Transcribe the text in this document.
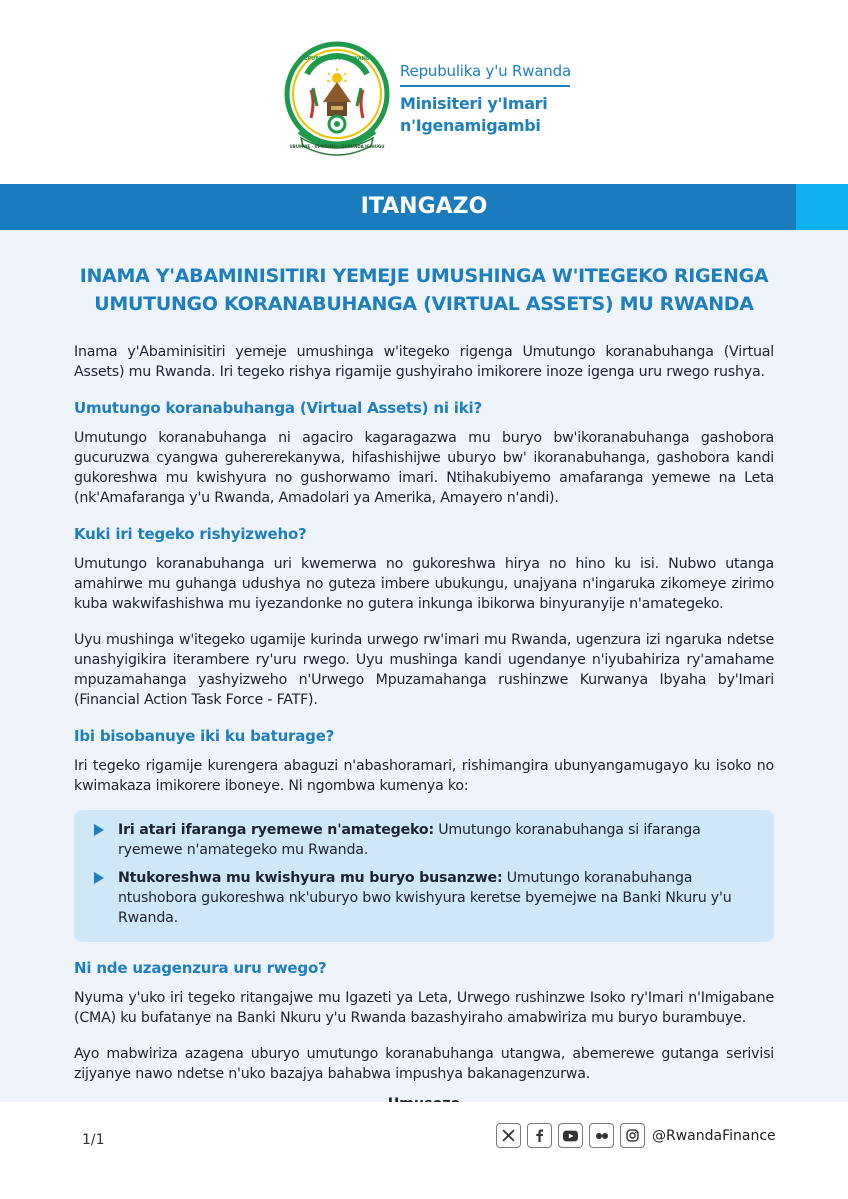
REPUBULIKA Y'U RWANDA
UBUMWE · UMURIMO · GUKUNDA IGIHUGU
Repubulika y'u Rwanda
Minisiteri y'Imari
n'Igenamigambi
ITANGAZO
INAMA Y'ABAMINISITIRI YEMEJE UMUSHINGA W'ITEGEKO RIGENGA
UMUTUNGO KORANABUHANGA (VIRTUAL ASSETS) MU RWANDA

Inama y'Abaminisitiri yemeje umushinga w'itegeko rigenga Umutungo koranabuhanga (Virtual Assets) mu Rwanda. Iri tegeko rishya rigamije gushyiraho imikorere inoze igenga uru rwego rushya.

Umutungo koranabuhanga (Virtual Assets) ni iki?

Umutungo koranabuhanga ni agaciro kagaragazwa mu buryo bw'ikoranabuhanga gashobora gucuruzwa cyangwa guhererekanywa, hifashishijwe uburyo bw' ikoranabuhanga, gashobora kandi gukoreshwa mu kwishyura no gushorwamo imari. Ntihakubiyemo amafaranga yemewe na Leta (nk'Amafaranga y'u Rwanda, Amadolari ya Amerika, Amayero n'andi).

Kuki iri tegeko rishyizweho?

Umutungo koranabuhanga uri kwemerwa no gukoreshwa hirya no hino ku isi. Nubwo utanga amahirwe mu guhanga udushya no guteza imbere ubukungu, unajyana n'ingaruka zikomeye zirimo kuba wakwifashishwa mu iyezandonke no gutera inkunga ibikorwa binyuranyije n'amategeko.

Uyu mushinga w'itegeko ugamije kurinda urwego rw'imari mu Rwanda, ugenzura izi ngaruka ndetse unashyigikira iterambere ry'uru rwego. Uyu mushinga kandi ugendanye n'iyubahiriza ry'amahame mpuzamahanga yashyizweho n'Urwego Mpuzamahanga rushinzwe Kurwanya Ibyaha by'Imari (Financial Action Task Force - FATF).

Ibi bisobanuye iki ku baturage?

Iri tegeko rigamije kurengera abaguzi n'abashoramari, rishimangira ubunyangamugayo ku isoko no kwimakaza imikorere iboneye. Ni ngombwa kumenya ko:

Iri atari ifaranga ryemewe n'amategeko: Umutungo koranabuhanga si ifaranga ryemewe n'amategeko mu Rwanda.
Ntukoreshwa mu kwishyura mu buryo busanzwe: Umutungo koranabuhanga ntushobora gukoreshwa nk'uburyo bwo kwishyura keretse byemejwe na Banki Nkuru y'u Rwanda.
Ni nde uzagenzura uru rwego?

Nyuma y'uko iri tegeko ritangajwe mu Igazeti ya Leta, Urwego rushinzwe Isoko ry'Imari n'Imigabane (CMA) ku bufatanye na Banki Nkuru y'u Rwanda bazashyiraho amabwiriza mu buryo burambuye.

Ayo mabwiriza azagena uburyo umutungo koranabuhanga utangwa, abemerewe gutanga serivisi zijyanye nawo ndetse n'uko bazajya bahabwa impushya bakanagenzurwa.

1/1	@RwandaFinance
